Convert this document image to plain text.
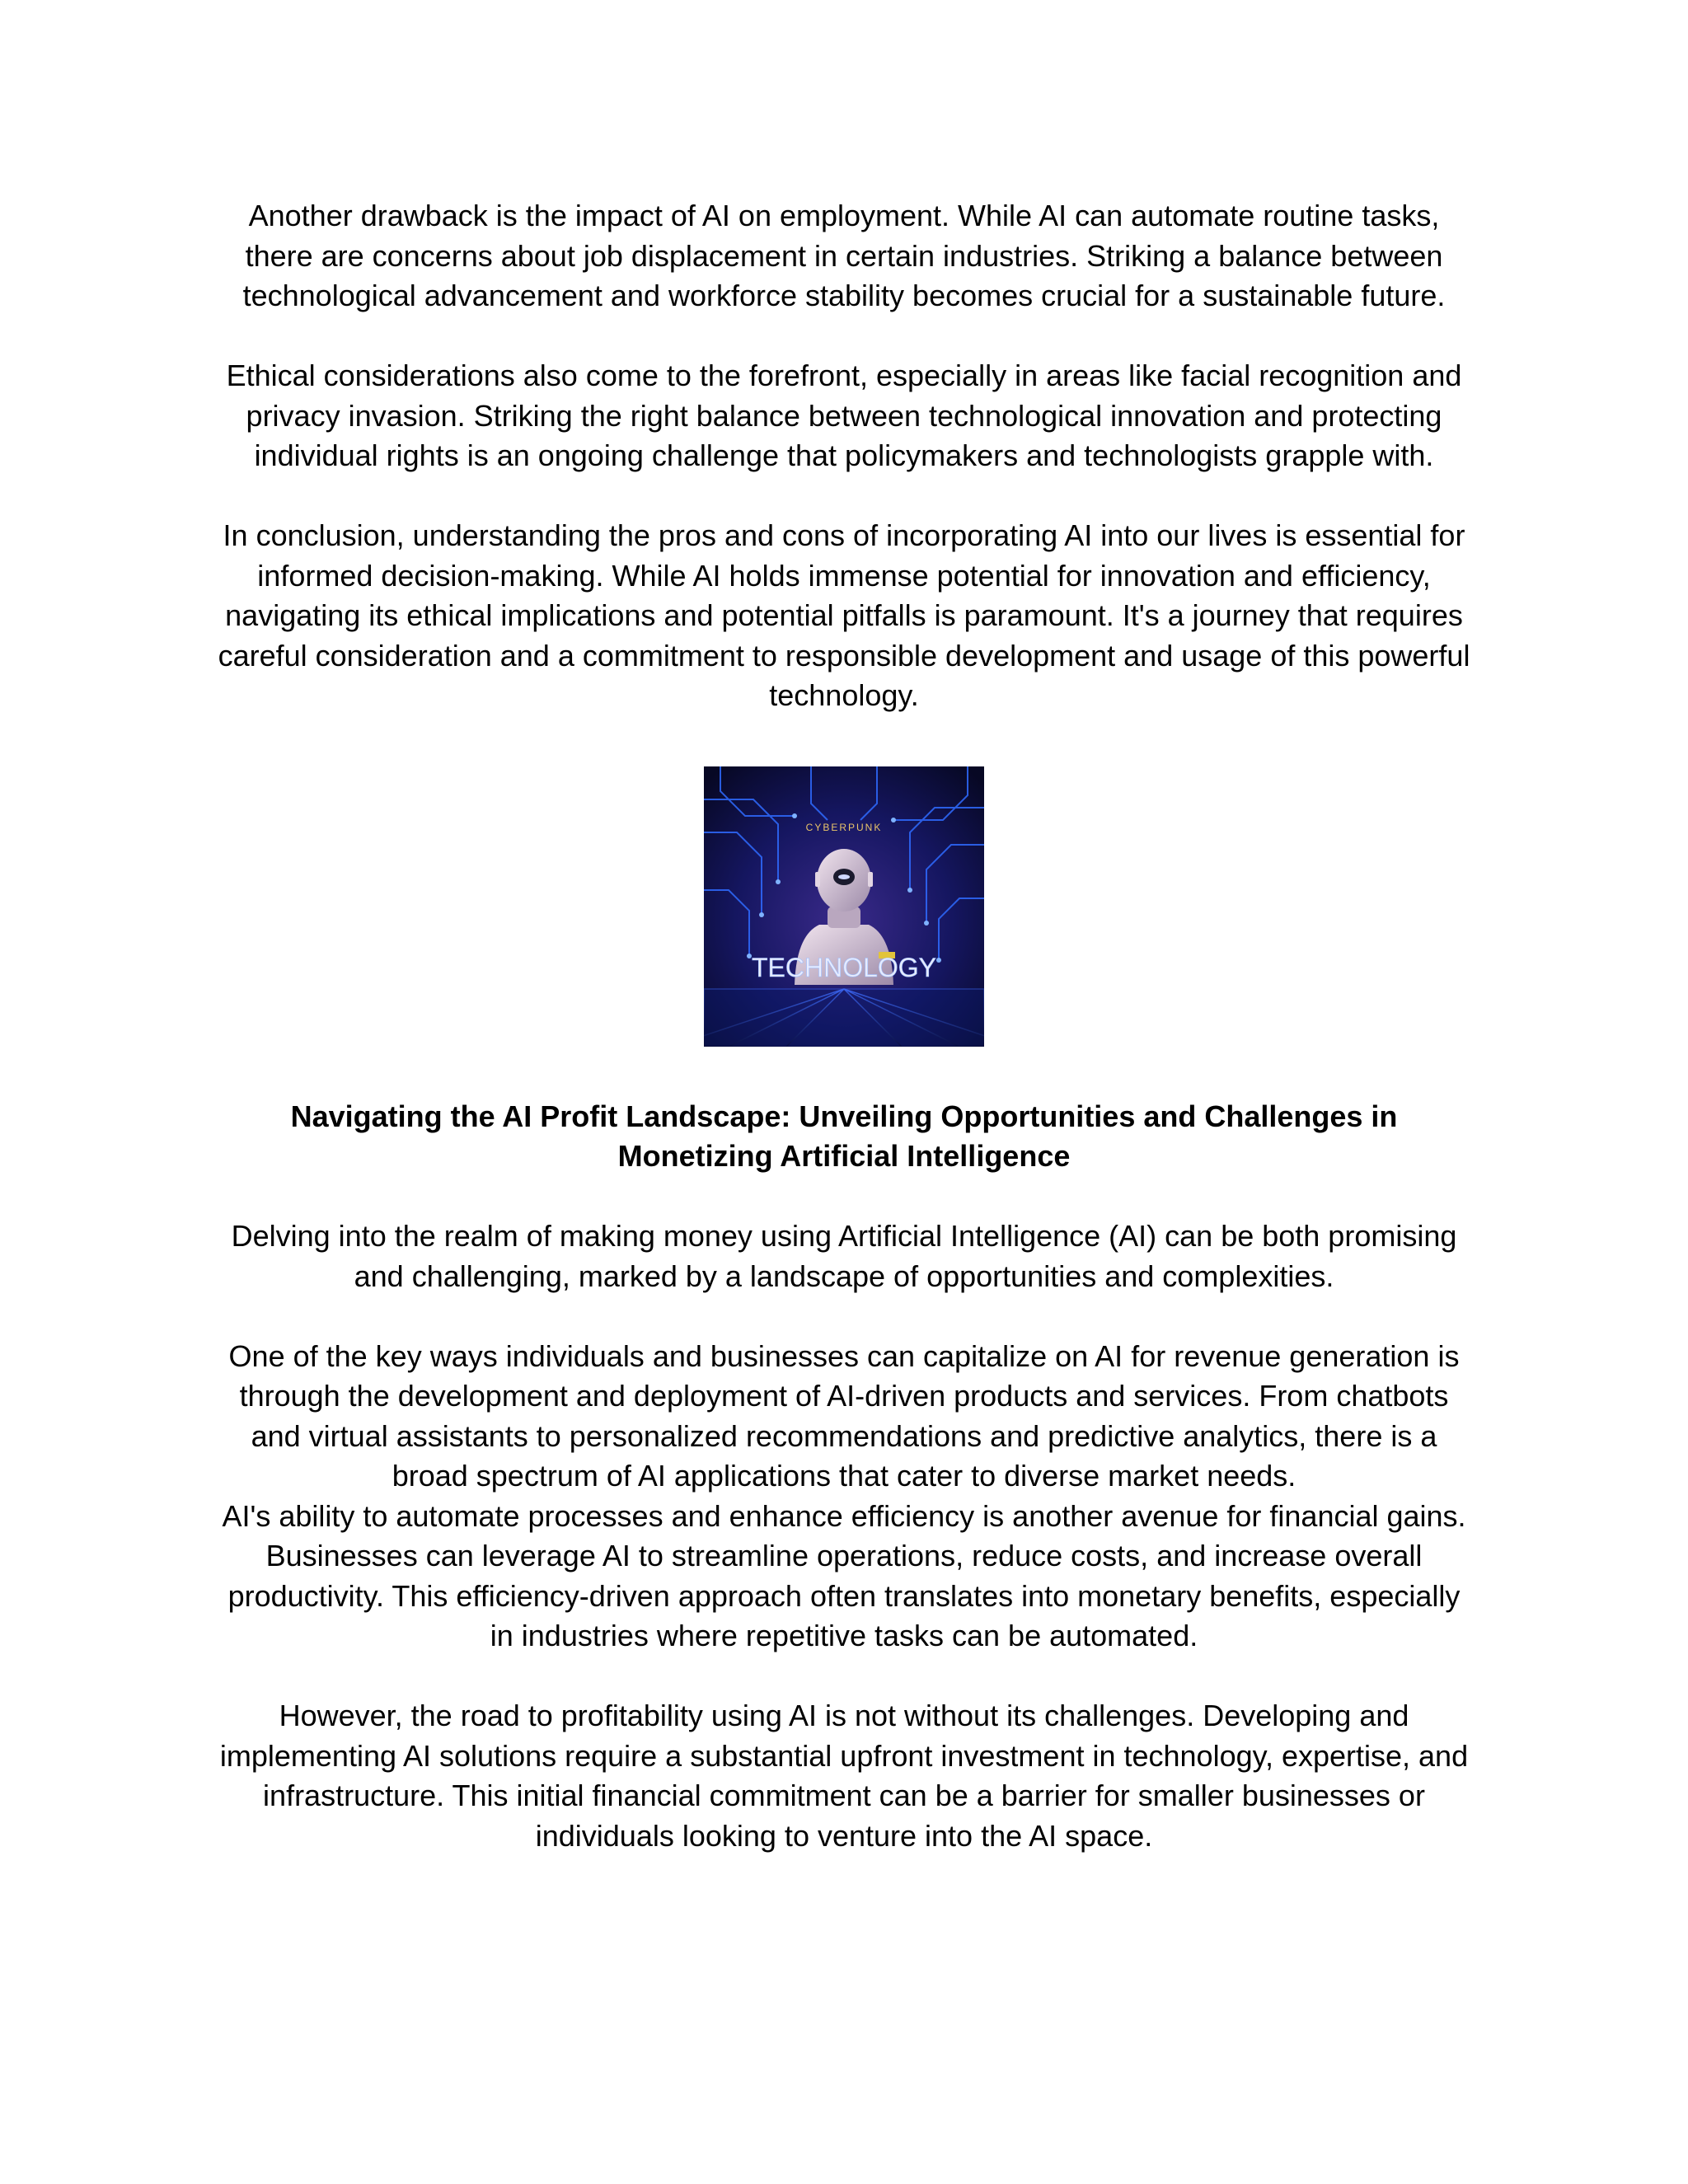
Another drawback is the impact of AI on employment. While AI can automate routine tasks,
there are concerns about job displacement in certain industries. Striking a balance between
technological advancement and workforce stability becomes crucial for a sustainable future.

Ethical considerations also come to the forefront, especially in areas like facial recognition and
privacy invasion. Striking the right balance between technological innovation and protecting
individual rights is an ongoing challenge that policymakers and technologists grapple with.

In conclusion, understanding the pros and cons of incorporating AI into our lives is essential for
informed decision-making. While AI holds immense potential for innovation and efficiency,
navigating its ethical implications and potential pitfalls is paramount. It's a journey that requires
careful consideration and a commitment to responsible development and usage of this powerful
technology.

CYBERPUNK
TECHNOLOGY

Navigating the AI Profit Landscape: Unveiling Opportunities and Challenges in
Monetizing Artificial Intelligence

Delving into the realm of making money using Artificial Intelligence (AI) can be both promising
and challenging, marked by a landscape of opportunities and complexities.

One of the key ways individuals and businesses can capitalize on AI for revenue generation is
through the development and deployment of AI-driven products and services. From chatbots
and virtual assistants to personalized recommendations and predictive analytics, there is a
broad spectrum of AI applications that cater to diverse market needs.
AI's ability to automate processes and enhance efficiency is another avenue for financial gains.
Businesses can leverage AI to streamline operations, reduce costs, and increase overall
productivity. This efficiency-driven approach often translates into monetary benefits, especially
in industries where repetitive tasks can be automated.

However, the road to profitability using AI is not without its challenges. Developing and
implementing AI solutions require a substantial upfront investment in technology, expertise, and
infrastructure. This initial financial commitment can be a barrier for smaller businesses or
individuals looking to venture into the AI space.
